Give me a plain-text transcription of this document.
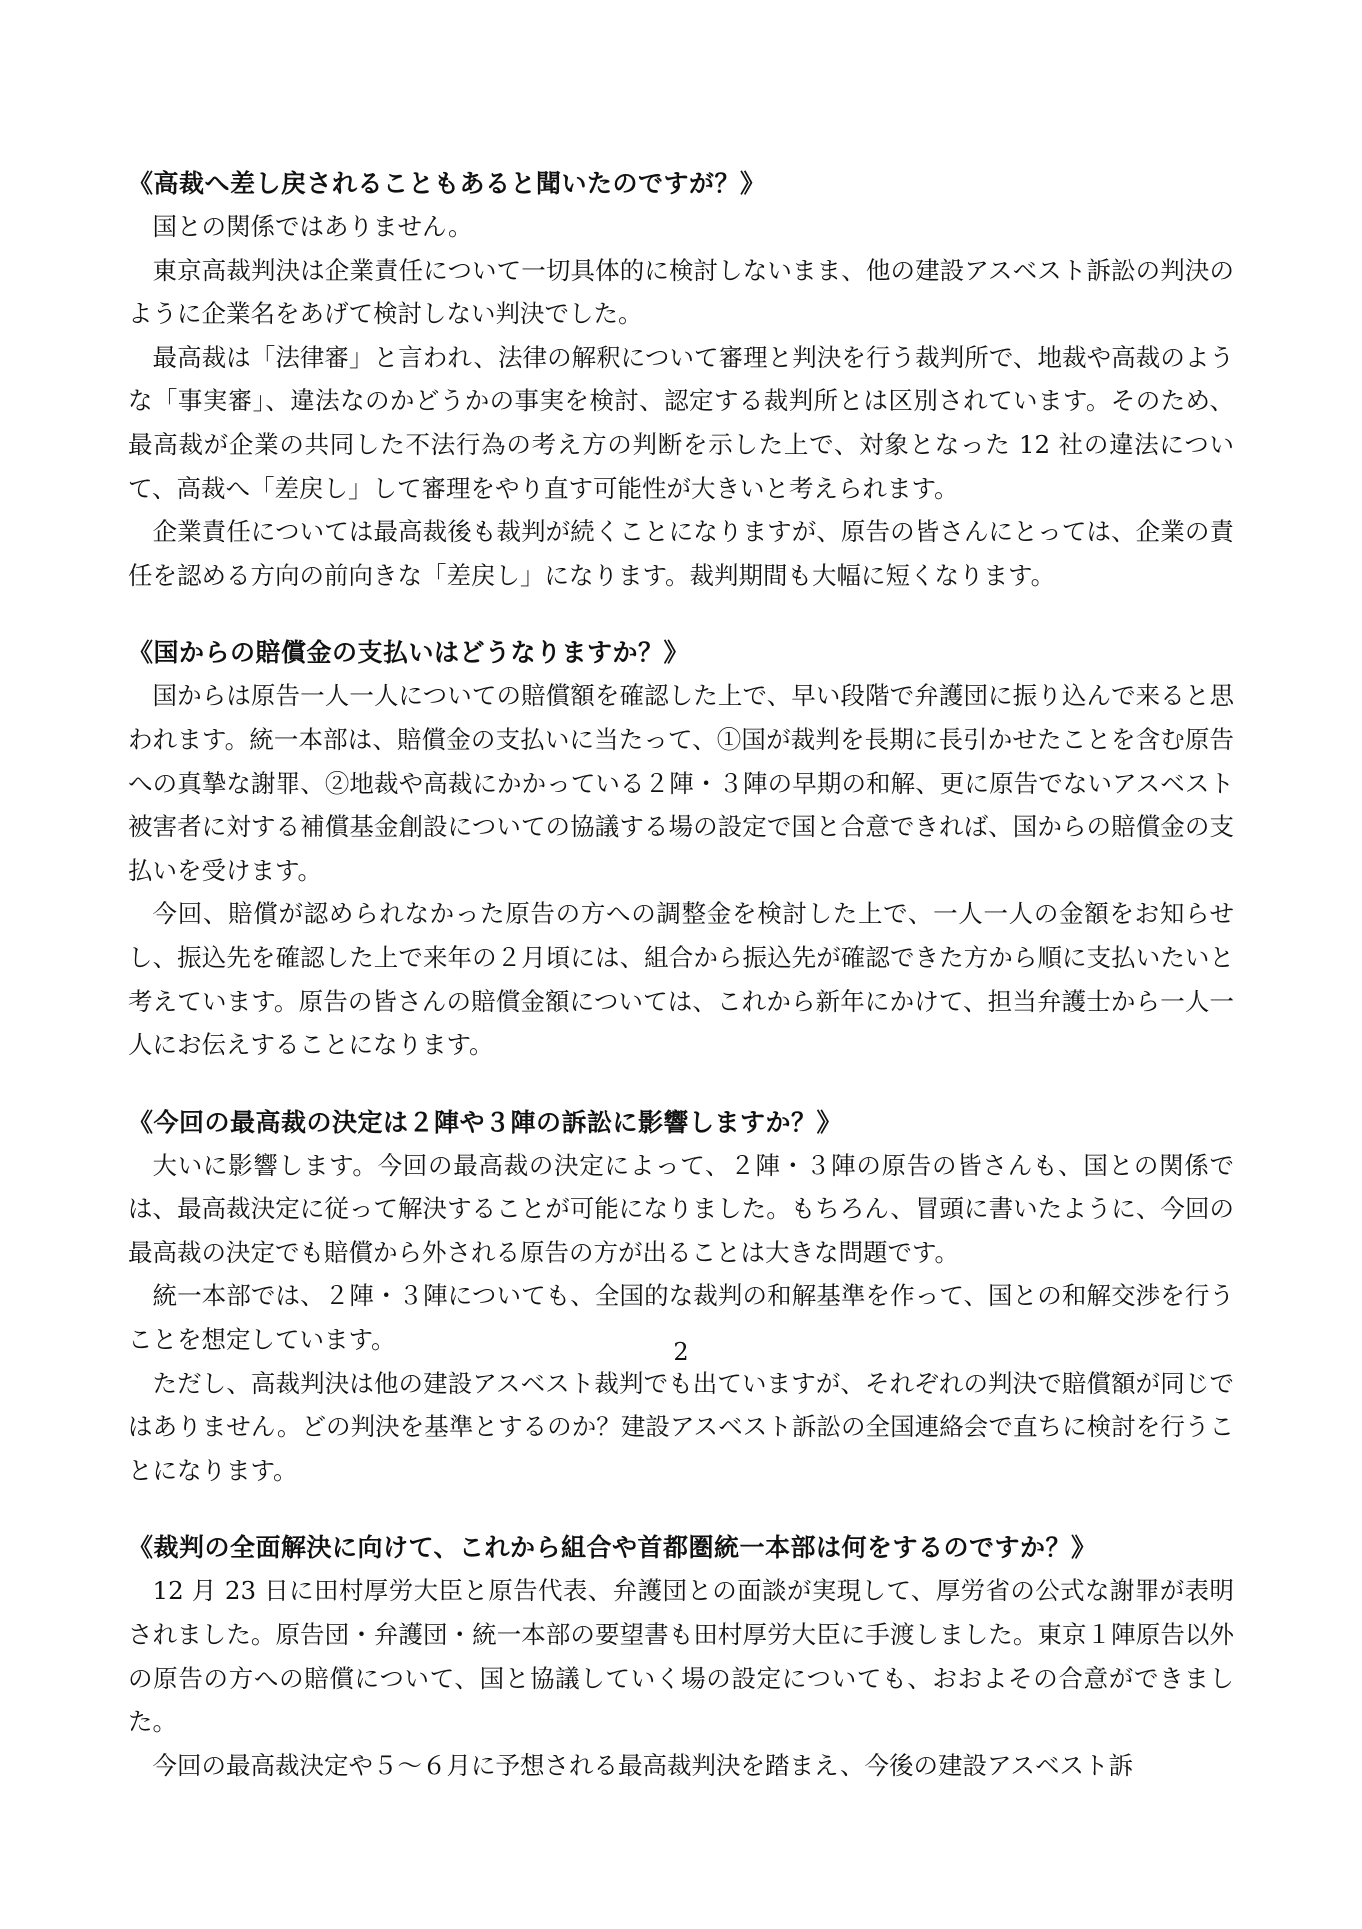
《高裁へ差し戻されることもあると聞いたのですが？》

国との関係ではありません。

東京高裁判決は企業責任について一切具体的に検討しないまま、他の建設アスベスト訴訟の判決のように企業名をあげて検討しない判決でした。

最高裁は「法律審」と言われ、法律の解釈について審理と判決を行う裁判所で、地裁や高裁のような「事実審」、違法なのかどうかの事実を検討、認定する裁判所とは区別されています。そのため、最高裁が企業の共同した不法行為の考え方の判断を示した上で、対象となった 12 社の違法について、高裁へ「差戻し」して審理をやり直す可能性が大きいと考えられます。

企業責任については最高裁後も裁判が続くことになりますが、原告の皆さんにとっては、企業の責任を認める方向の前向きな「差戻し」になります。裁判期間も大幅に短くなります。

《国からの賠償金の支払いはどうなりますか？》

国からは原告一人一人についての賠償額を確認した上で、早い段階で弁護団に振り込んで来ると思われます。統一本部は、賠償金の支払いに当たって、①国が裁判を長期に長引かせたことを含む原告への真摯な謝罪、②地裁や高裁にかかっている２陣・３陣の早期の和解、更に原告でないアスベスト被害者に対する補償基金創設についての協議する場の設定で国と合意できれば、国からの賠償金の支払いを受けます。

今回、賠償が認められなかった原告の方への調整金を検討した上で、一人一人の金額をお知らせし、振込先を確認した上で来年の２月頃には、組合から振込先が確認できた方から順に支払いたいと考えています。原告の皆さんの賠償金額については、これから新年にかけて、担当弁護士から一人一人にお伝えすることになります。

《今回の最高裁の決定は２陣や３陣の訴訟に影響しますか？》

大いに影響します。今回の最高裁の決定によって、２陣・３陣の原告の皆さんも、国との関係では、最高裁決定に従って解決することが可能になりました。もちろん、冒頭に書いたように、今回の最高裁の決定でも賠償から外される原告の方が出ることは大きな問題です。

統一本部では、２陣・３陣についても、全国的な裁判の和解基準を作って、国との和解交渉を行うことを想定しています。

ただし、高裁判決は他の建設アスベスト裁判でも出ていますが、それぞれの判決で賠償額が同じではありません。どの判決を基準とするのか？建設アスベスト訴訟の全国連絡会で直ちに検討を行うことになります。

《裁判の全面解決に向けて、これから組合や首都圏統一本部は何をするのですか？》

12 月 23 日に田村厚労大臣と原告代表、弁護団との面談が実現して、厚労省の公式な謝罪が表明されました。原告団・弁護団・統一本部の要望書も田村厚労大臣に手渡しました。東京１陣原告以外の原告の方への賠償について、国と協議していく場の設定についても、おおよその合意ができました。

今回の最高裁決定や５～６月に予想される最高裁判決を踏まえ、今後の建設アスベスト訴

2
